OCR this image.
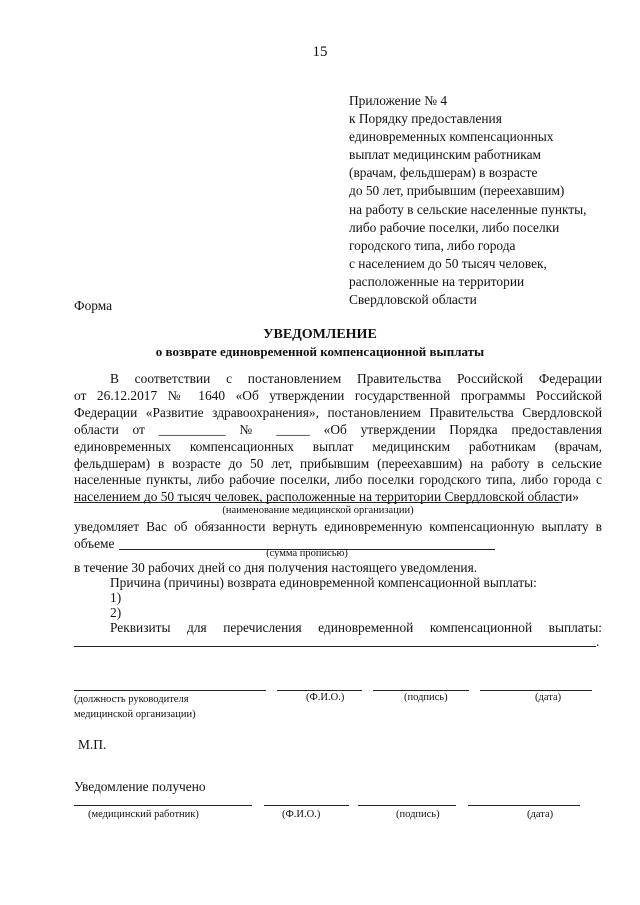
15
Приложение № 4
к Порядку предоставления
единовременных компенсационных
выплат медицинским работникам
(врачам, фельдшерам) в возрасте
до 50 лет, прибывшим (переехавшим)
на работу в сельские населенные пункты,
либо рабочие поселки, либо поселки
городского типа, либо города
с населением до 50 тысяч человек,
расположенные на территории
Свердловской области
Форма
УВЕДОМЛЕНИЕ
о возврате единовременной компенсационной выплаты
В соответствии с постановлением Правительства Российской Федерации
от 26.12.2017 № 1640 «Об утверждении государственной программы Российской
Федерации «Развитие здравоохранения», постановлением Правительства Свердловской
области от __________ № _____ «Об утверждении Порядка предоставления
единовременных компенсационных выплат медицинским работникам (врачам,
фельдшерам) в возрасте до 50 лет, прибывшим (переехавшим) на работу в сельские
населенные пункты, либо рабочие поселки, либо поселки городского типа, либо города с
населением до 50 тысяч человек, расположенные на территории Свердловской области»
(наименование медицинской организации)
уведомляет Вас об обязанности вернуть единовременную компенсационную выплату в
объеме
(сумма прописью)
в течение 30 рабочих дней со дня получения настоящего уведомления.
Причина (причины) возврата единовременной компенсационной выплаты:
1)
2)
Реквизиты для перечисления единовременной компенсационной выплаты:
.
(должность руководителя
медицинской организации)
(Ф.И.О.)	(подпись)	(дата)
М.П.
Уведомление получено
(медицинский работник)	(Ф.И.О.)	(подпись)	(дата)
